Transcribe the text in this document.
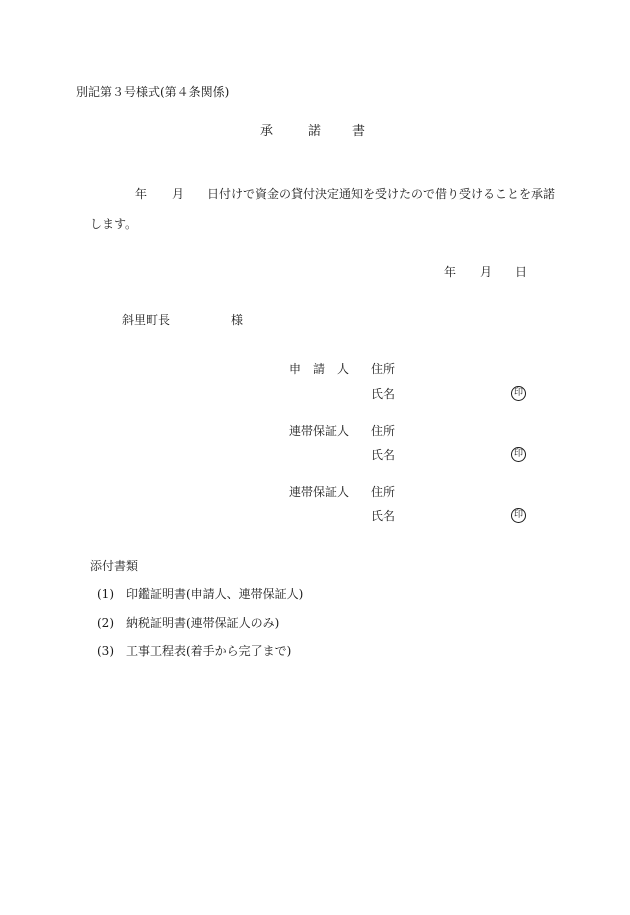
別記第３号様式(第４条関係)
承	諾 書
年 月 日付けで資金の貸付決定通知を受けたので借り受けることを承諾
します。
年 月 日
斜里町長	様
申　請　人 住所
氏名	印
連帯保証人 住所
氏名	印
連帯保証人 住所
氏名	印
添付書類
(1) 印鑑証明書(申請人、連帯保証人)
(2) 納税証明書(連帯保証人のみ)
(3) 工事工程表(着手から完了まで)
